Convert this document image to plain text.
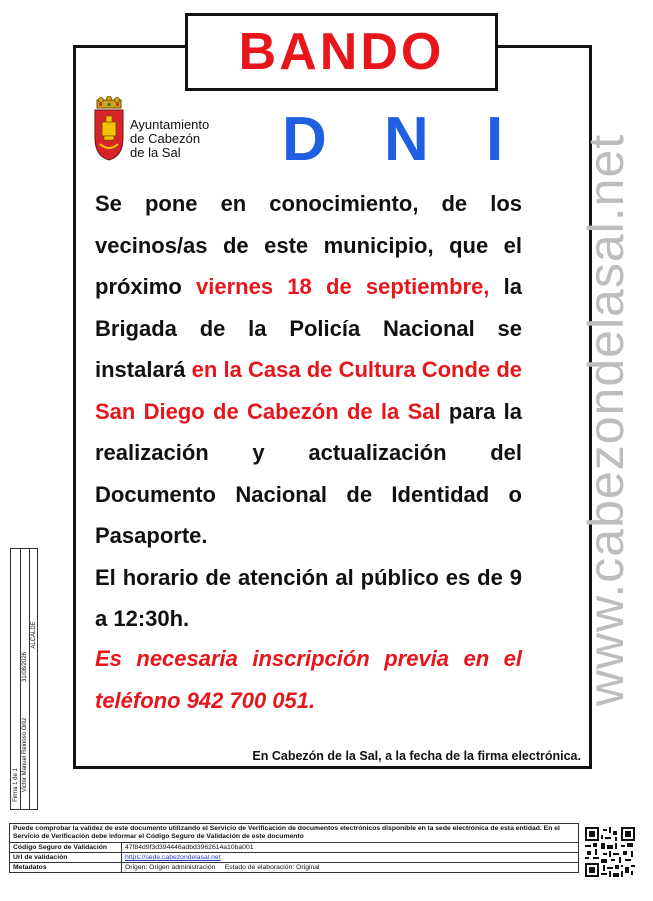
BANDO
Ayuntamiento
de Cabezón
de la Sal	D N I www.cabezondelasal.net
Se pone en conocimiento, de los vecinos/as de este municipio, que el próximo viernes 18 de septiembre, la Brigada de la Policía Nacional se instalará en la Casa de Cultura Conde de San Diego de Cabezón de la Sal para la realización y actualización del Documento Nacional de Identidad o Pasaporte.
El horario de atención al público es de 9 a 12:30h.
Es necesaria inscripción previa en el teléfono 942 700 051.
En Cabezón de la Sal, a la fecha de la firma electrónica.
Firma 1 de 1 Victor Manuel Reinoso Ortiz
31/08/2026
ALCALDE
Puede comprobar la validez de este documento utilizando el Servicio de Verificación de documentos electrónicos disponible en la sede electrónica de esta entidad. En el Servicio de Verificación debe informar el Código Seguro de Validación de este documento
Código Seguro de Validación	47f84d9f3d394446adbd3962614a10ba001
Url de validación	https://sede.cabezondelasal.net
Metadatos	Origen: Origen administración     Estado de elaboración: Original
